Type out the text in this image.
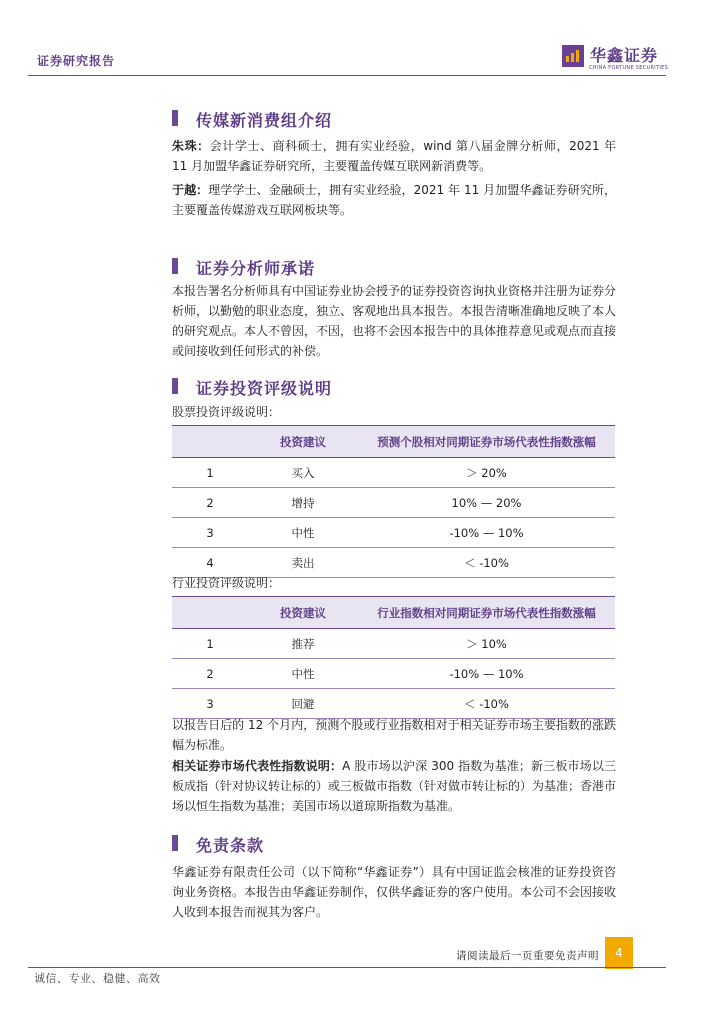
证券研究报告	华鑫证券
CHINA FORTUNE SECURITIES
传媒新消费组介绍
朱珠：会计学士、商科硕士，拥有实业经验，wind 第八届金牌分析师，2021 年 11 月加盟华鑫证券研究所，主要覆盖传媒互联网新消费等。
于越：理学学士、金融硕士，拥有实业经验，2021 年 11 月加盟华鑫证券研究所，主要覆盖传媒游戏互联网板块等。
证券分析师承诺
本报告署名分析师具有中国证券业协会授予的证券投资咨询执业资格并注册为证券分析师，以勤勉的职业态度，独立、客观地出具本报告。本报告清晰准确地反映了本人的研究观点。本人不曾因，不因，也将不会因本报告中的具体推荐意见或观点而直接或间接收到任何形式的补偿。
证券投资评级说明
股票投资评级说明：
	投资建议	预测个股相对同期证券市场代表性指数涨幅
1	买入	＞ 20%
2	增持	10% — 20%
3	中性	-10% — 10%
4	卖出	＜ -10%
行业投资评级说明：
	投资建议	行业指数相对同期证券市场代表性指数涨幅
1	推荐	＞ 10%
2	中性	-10% — 10%
3	回避	＜ -10%
以报告日后的 12 个月内，预测个股或行业指数相对于相关证券市场主要指数的涨跌幅为标准。
相关证券市场代表性指数说明：A 股市场以沪深 300 指数为基准；新三板市场以三板成指（针对协议转让标的）或三板做市指数（针对做市转让标的）为基准；香港市场以恒生指数为基准；美国市场以道琼斯指数为基准。
免责条款
华鑫证券有限责任公司（以下简称“华鑫证券”）具有中国证监会核准的证券投资咨询业务资格。本报告由华鑫证券制作，仅供华鑫证券的客户使用。本公司不会因接收人收到本报告而视其为客户。
请阅读最后一页重要免责声明	4
诚信、专业、稳健、高效
